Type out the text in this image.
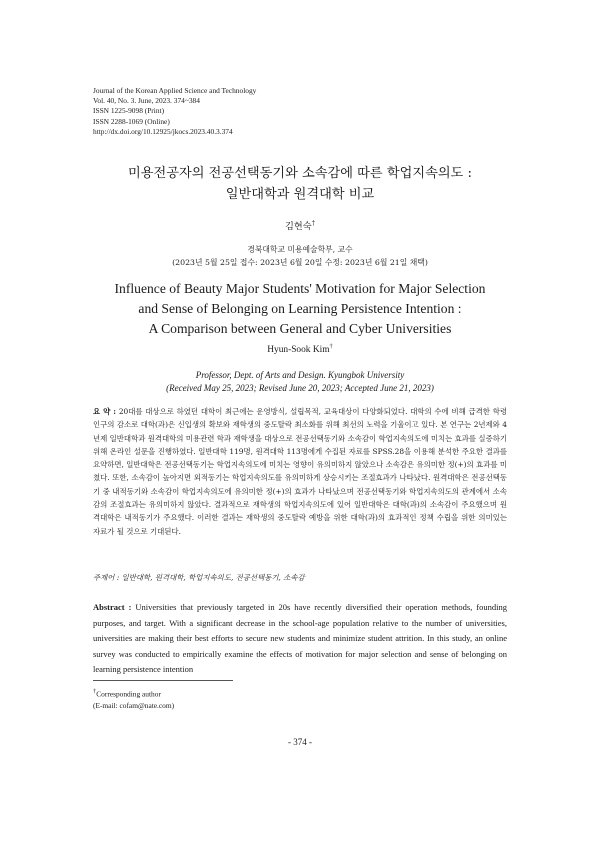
Journal of the Korean Applied Science and Technology
Vol. 40, No. 3. June, 2023. 374~384
ISSN 1225-9098 (Print)
ISSN 2288-1069 (Online)
http://dx.doi.org/10.12925/jkocs.2023.40.3.374
미용전공자의 전공선택동기와 소속감에 따른 학업지속의도 :
일반대학과 원격대학 비교
김현숙†
경북대학교 미용예술학부, 교수
(2023년 5월 25일 접수: 2023년 6월 20일 수정: 2023년 6월 21일 채택)
Influence of Beauty Major Students' Motivation for Major Selection
and Sense of Belonging on Learning Persistence Intention :
A Comparison between General and Cyber Universities
Hyun-Sook Kim†
Professor, Dept. of Arts and Design. Kyungbok University
(Received May 25, 2023; Revised June 20, 2023; Accepted June 21, 2023)
요 약 : 20대를 대상으로 하였던 대학이 최근에는 운영방식, 설립목적, 교육대상이 다양화되었다. 대학의 수에 비해 급격한 학령인구의 감소로 대학(과)은 신입생의 확보와 재학생의 중도탈락 최소화를 위해 최선의 노력을 기울이고 있다. 본 연구는 2년제와 4년제 일반대학과 원격대학의 미용관련 학과 재학생을 대상으로 전공선택동기와 소속감이 학업지속의도에 미치는 효과를 실증하기 위해 온라인 설문을 진행하였다. 일반대학 119명, 원격대학 113명에게 수집된 자료를 SPSS.28을 이용해 분석한 주요한 결과를 요약하면, 일반대학은 전공선택동기는 학업지속의도에 미치는 영향이 유의미하지 않았으나 소속감은 유의미한 정(+)의 효과를 미쳤다. 또한, 소속감이 높아지면 외적동기는 학업지속의도를 유의미하게 상승시키는 조절효과가 나타났다. 원격대학은 전공선택동기 중 내적동기와 소속감이 학업지속의도에 유의미한 정(+)의 효과가 나타났으며 전공선택동기와 학업지속의도의 관계에서 소속감의 조절효과는 유의미하지 않았다. 결과적으로 재학생의 학업지속의도에 있어 일반대학은 대학(과)의 소속감이 주요했으며 원격대학은 내적동기가 주요했다. 이러한 결과는 재학생의 중도탈락 예방을 위한 대학(과)의 효과적인 정책 수립을 위한 의미있는 자료가 될 것으로 기대된다.
주제어 : 일반대학, 원격대학, 학업지속의도, 전공선택동기, 소속감
Abstract : Universities that previously targeted in 20s have recently diversified their operation methods, founding purposes, and target. With a significant decrease in the school-age population relative to the number of universities, universities are making their best efforts to secure new students and minimize student attrition. In this study, an online survey was conducted to empirically examine the effects of motivation for major selection and sense of belonging on learning persistence intention
†Corresponding author
(E-mail: cofam@nate.com)
- 374 -
